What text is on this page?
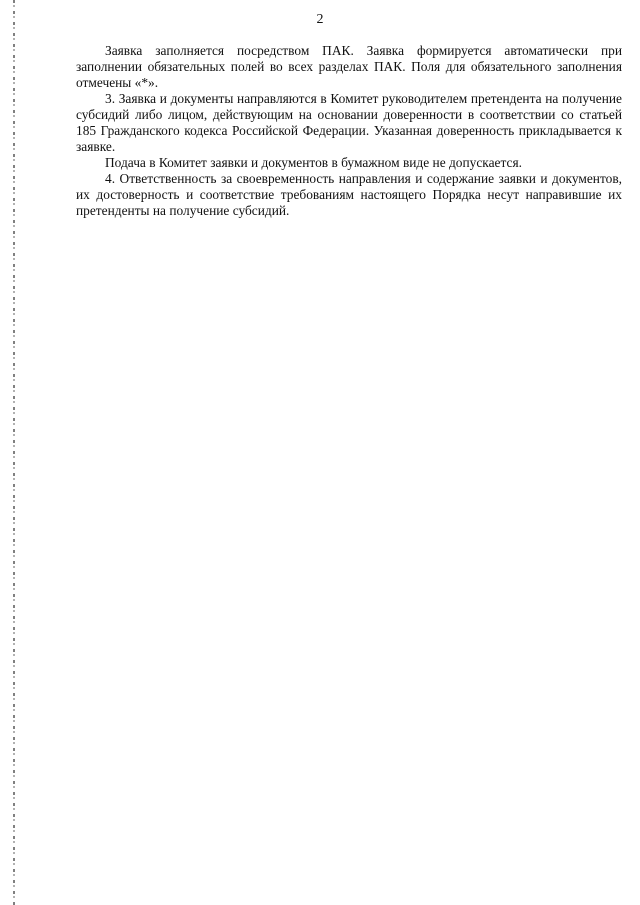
2

Заявка заполняется посредством ПАК. Заявка формируется автоматически при заполнении обязательных полей во всех разделах ПАК. Поля для обязательного заполнения отмечены «*».

3. Заявка и документы направляются в Комитет руководителем претендента на получение субсидий либо лицом, действующим на основании доверенности в соответствии со статьей 185 Гражданского кодекса Российской Федерации. Указанная доверенность прикладывается к заявке.

Подача в Комитет заявки и документов в бумажном виде не допускается.

4. Ответственность за своевременность направления и содержание заявки и документов, их достоверность и соответствие требованиям настоящего Порядка несут направившие их претенденты на получение субсидий.
